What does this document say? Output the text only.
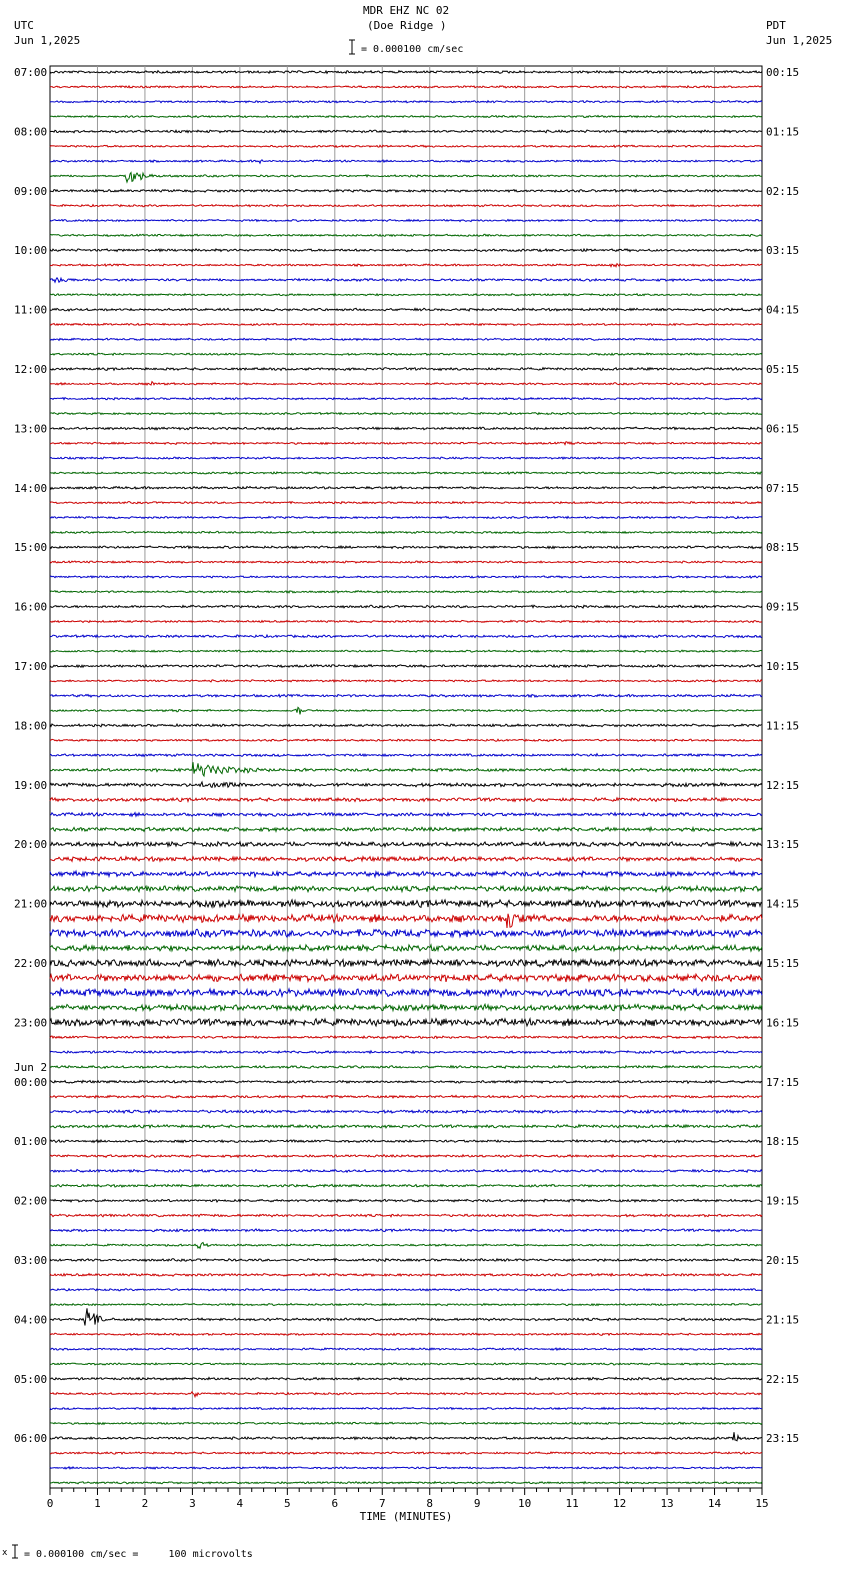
MDR EHZ NC 02
(Doe Ridge )
UTC
Jun 1,2025
PDT
Jun 1,2025
= 0.000100 cm/sec
07:00
08:00
09:00
10:00
11:00
12:00
13:00
14:00
15:00
16:00
17:00
18:00
19:00
20:00
21:00
22:00
23:00
00:00
01:00
02:00
03:00
04:00
05:00
06:00
Jun 2
00:15
01:15
02:15
03:15
04:15
05:15
06:15
07:15
08:15
09:15
10:15
11:15
12:15
13:15
14:15
15:15
16:15
17:15
18:15
19:15
20:15
21:15
22:15
23:15
0	1	2	3	4	5	6	7	8	9	10	11	12	13	14	15
TIME (MINUTES)
x = 0.000100 cm/sec =     100 microvolts
